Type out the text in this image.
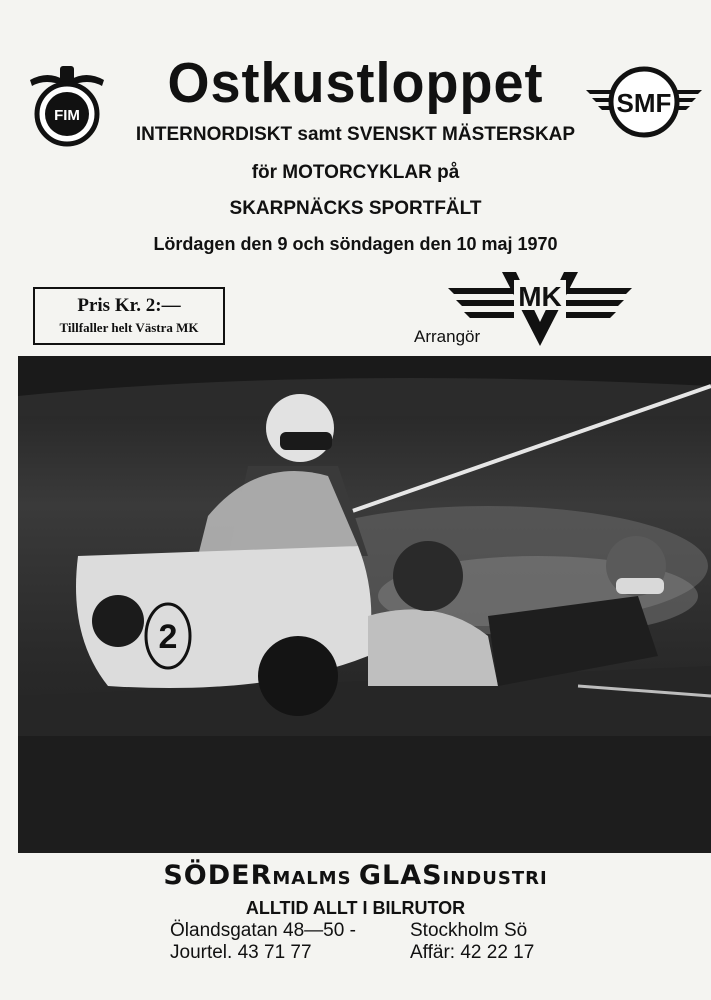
FIM	SMF
Ostkustloppet
INTERNORDISKT samt SVENSKT MÄSTERSKAP
för MOTORCYKLAR på
SKARPNÄCKS SPORTFÄLT
Lördagen den 9 och söndagen den 10 maj 1970
Pris Kr. 2:—
Tillfaller helt Västra MK
MK
Arrangör
2
SÖDERMALMS GLASINDUSTRI
ALLTID ALLT I BILRUTOR
Ölandsgatan 48—50 -	Stockholm Sö
Jourtel. 43 71 77	Affär: 42 22 17
